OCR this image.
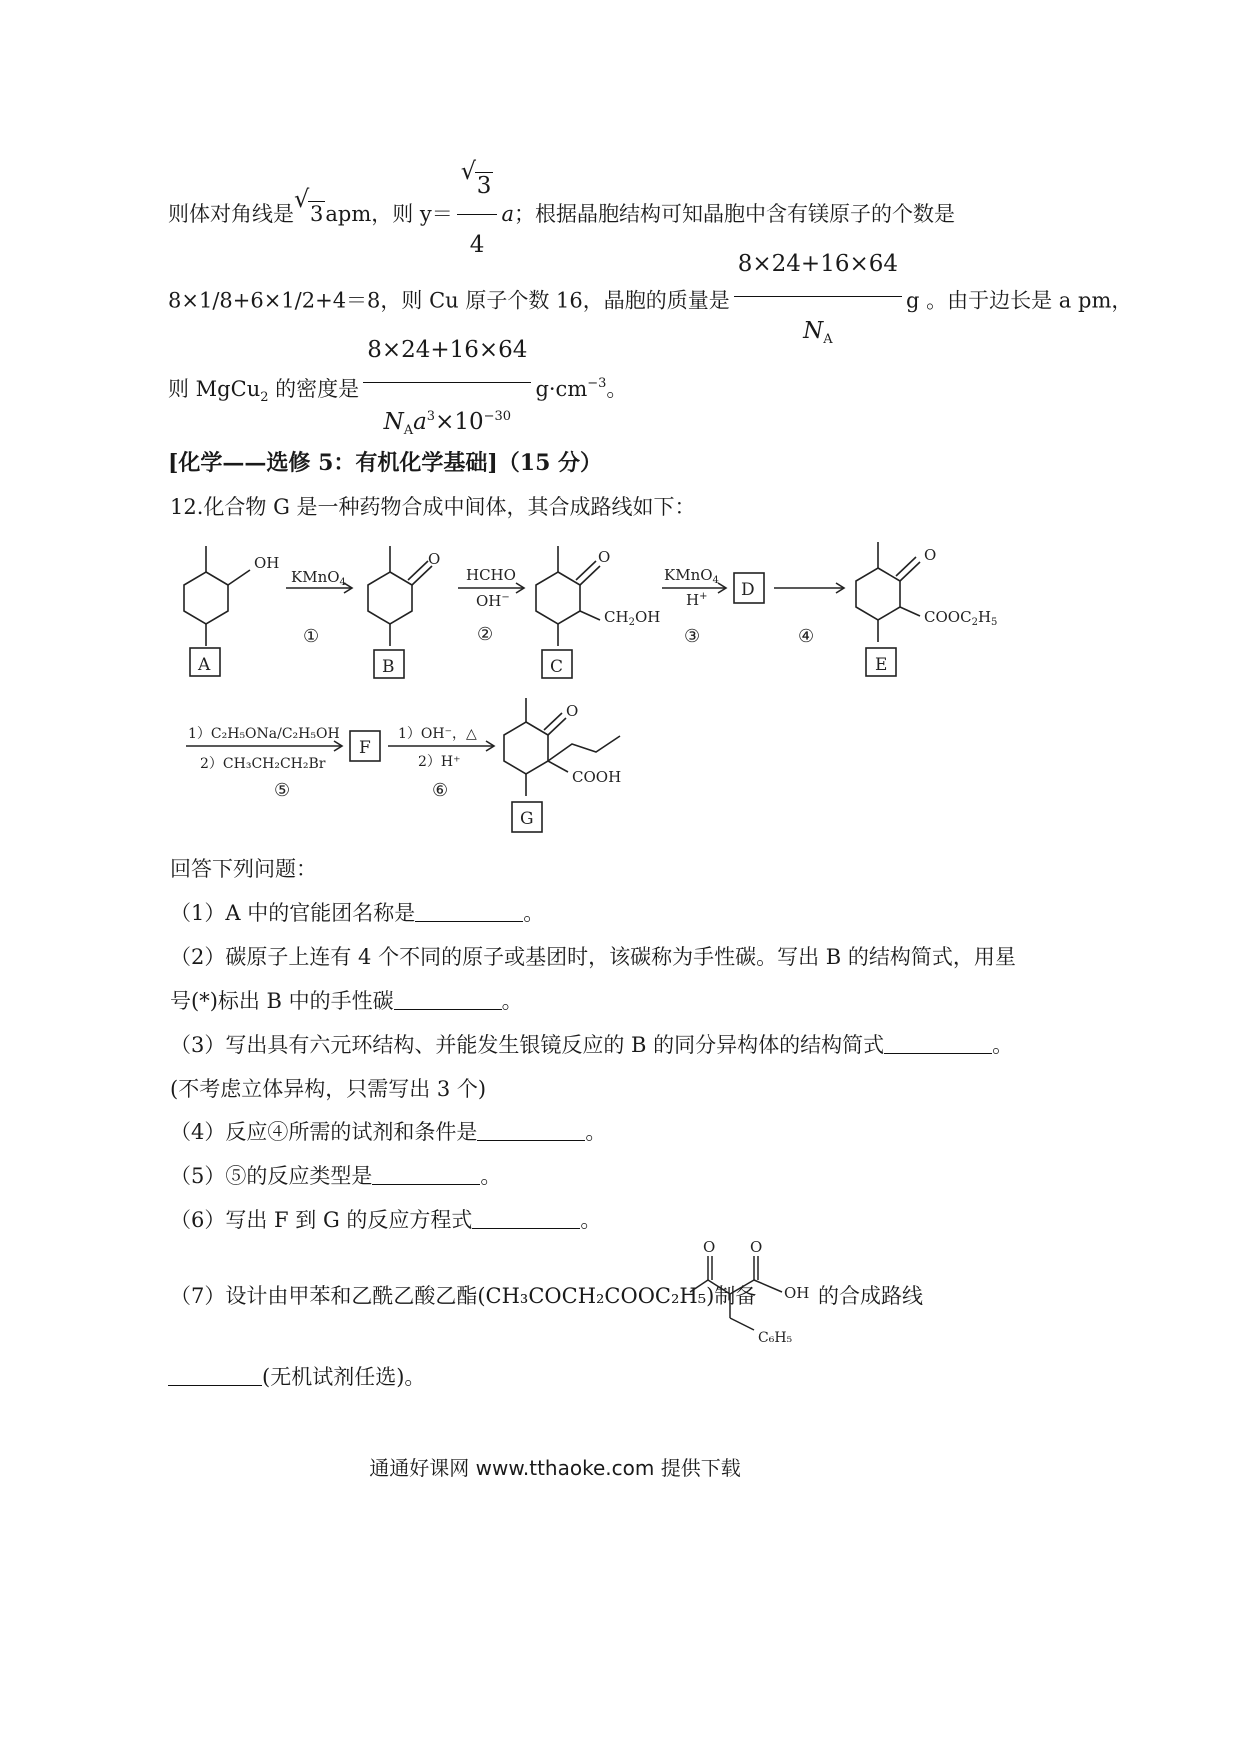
则体对角线是
√
3apm，则 y＝ √
3
4 a；根据晶胞结构可知晶胞中含有镁原子的个数是
8×1/8+6×1/2+4＝8，则 Cu 原子个数 16，晶胞的质量是 $\frac{8\times 24+16\times 64}{N_A}$ g 。由于边长是 a pm，
则 MgCu$_2$ 的密度是 $\frac{8\times 24+16\times 64}{N_Aa^3\times 10^{-30}} g\cdot cm^{-3}$。
[化学——选修 5：有机化学基础]（15 分）
12.化合物 G 是一种药物合成中间体，其合成路线如下：
OH
KMnO$_4$
①
O
HCHO
OH−
②
O
$CH_2OH$
KMnO$_4$
H+
③
D
④
O
$COOC_2H_5$
A	B	C	E
1）C₂H₅ONa/C₂H₅OH
2）CH₃CH₂CH₂Br
⑤
F
1）OH⁻，△
2）H⁺
⑥
O
COOH
G
回答下列问题：
（1）A 中的官能团名称是	。
（2）碳原子上连有 4 个不同的原子或基团时，该碳称为手性碳。写出 B 的结构简式，用星
号(*)标出 B 中的手性碳	。
（3）写出具有六元环结构、并能发生银镜反应的 B 的同分异构体的结构简式	。
(不考虑立体异构，只需写出 3 个)
（4）反应④所需的试剂和条件是	。
（5）⑤的反应类型是	。
（6）写出 F 到 G 的反应方程式	。
（7）设计由甲苯和乙酰乙酸乙酯(CH₃COCH₂COOC₂H₅)制备
O O
OH
C₆H₅
的合成路线
(无机试剂任选)。
通通好课网 www.tthaoke.com 提供下载
